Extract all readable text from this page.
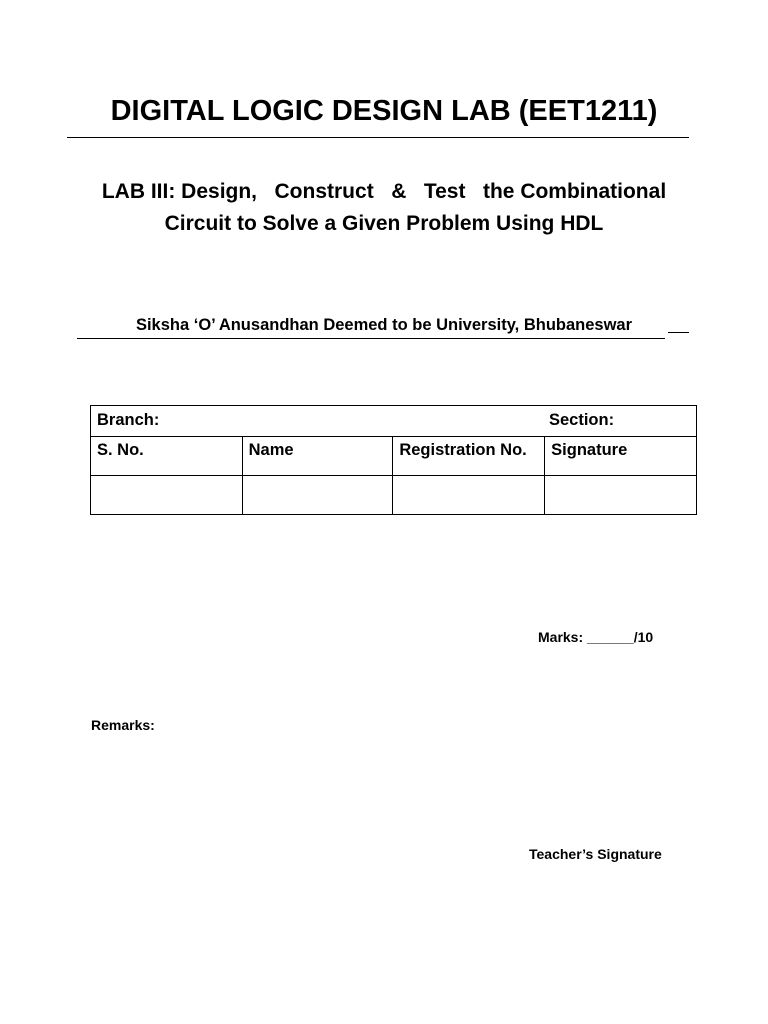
DIGITAL LOGIC DESIGN LAB (EET1211)
LAB III: Design,   Construct   &   Test   the Combinational
Circuit to Solve a Given Problem Using HDL
Siksha ‘O’ Anusandhan Deemed to be University, Bhubaneswar
Branch: Section:			

S. No.	Name	Registration No.	Signature

Marks: ______/10
Remarks:
Teacher’s Signature
